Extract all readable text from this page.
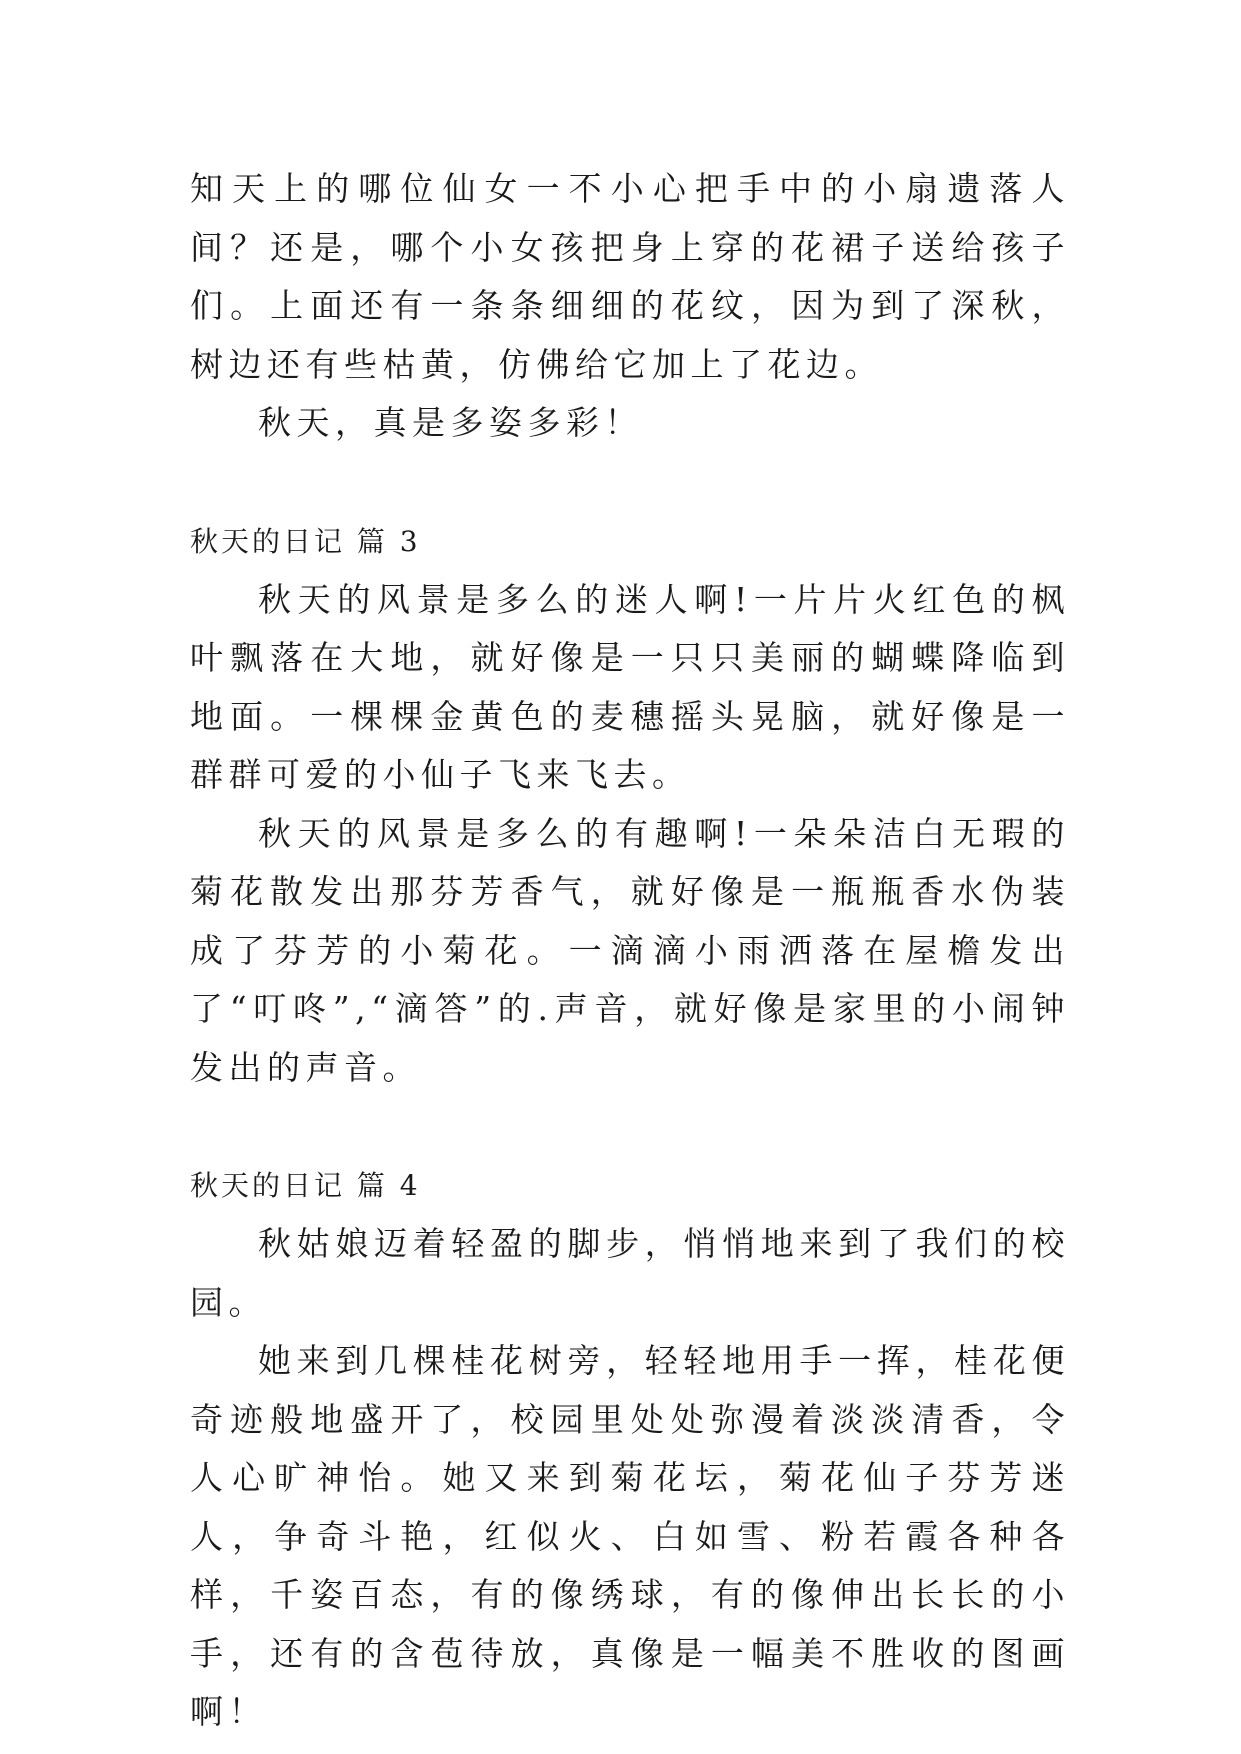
知天上的哪位仙女一不小心把手中的小扇遗落人间？还是，哪个小女孩把身上穿的花裙子送给孩子们。上面还有一条条细细的花纹，因为到了深秋，树边还有些枯黄，仿佛给它加上了花边。

秋天，真是多姿多彩！

秋天的日记 篇 3

秋天的风景是多么的迷人啊!一片片火红色的枫叶飘落在大地，就好像是一只只美丽的蝴蝶降临到地面。一棵棵金黄色的麦穗摇头晃脑，就好像是一群群可爱的小仙子飞来飞去。

秋天的风景是多么的有趣啊!一朵朵洁白无瑕的菊花散发出那芬芳香气，就好像是一瓶瓶香水伪装成了芬芳的小菊花。一滴滴小雨洒落在屋檐发出了“叮咚”,“滴答”的.声音，就好像是家里的小闹钟发出的声音。

秋天的日记 篇 4

秋姑娘迈着轻盈的脚步，悄悄地来到了我们的校园。

她来到几棵桂花树旁，轻轻地用手一挥，桂花便奇迹般地盛开了，校园里处处弥漫着淡淡清香，令人心旷神怡。她又来到菊花坛，菊花仙子芬芳迷人，争奇斗艳，红似火、白如雪、粉若霞各种各样，千姿百态，有的像绣球，有的像伸出长长的小手，还有的含苞待放，真像是一幅美不胜收的图画啊！
